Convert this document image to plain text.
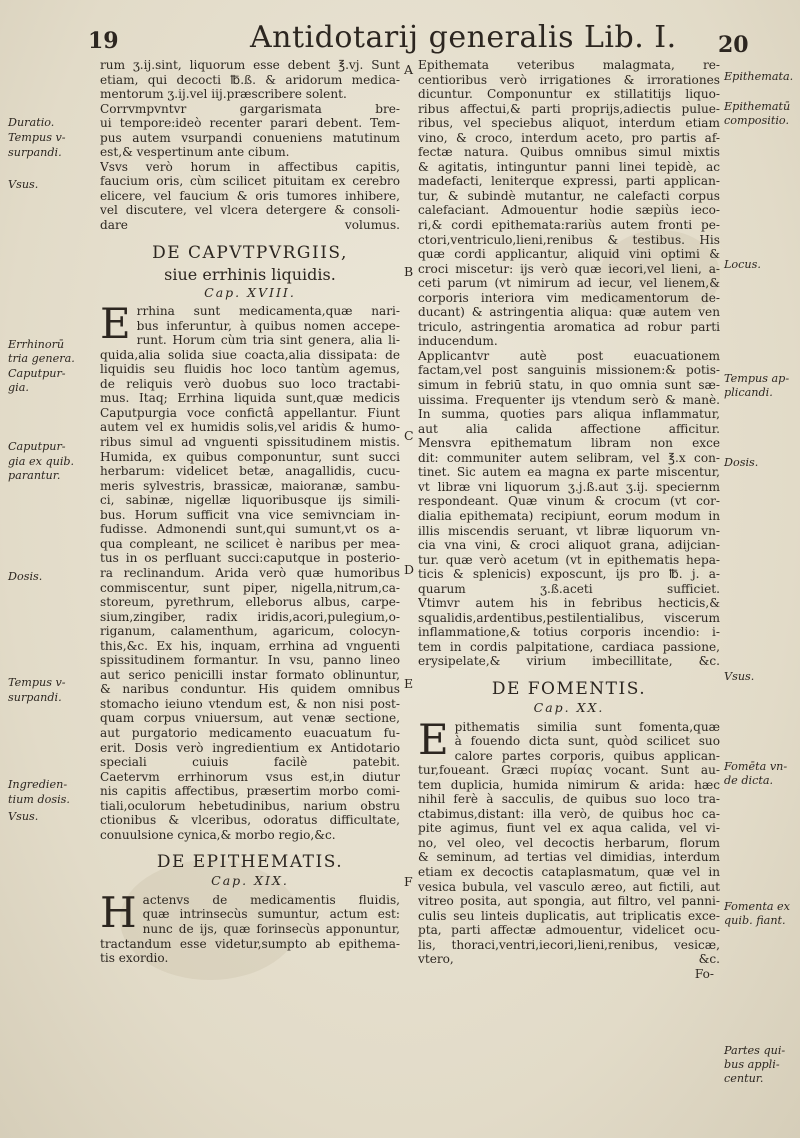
19	Antidotarij generalis Lib. I. 20
A
B
C
D
E
F
Duratio.
Tempus v-
surpandi.
Vsus.
Errhinorū
tria genera.
Caputpur-
gia.
Caputpur-
gia ex quib.
parantur.
Dosis.
Tempus v-
surpandi.
Ingredien-
tium dosis.
Vsus.
Epithemata.
Epithematū
compositio.
Locus.
Tempus ap-
plicandi.
Dosis.
Vsus.
Fomēta vn-
de dicta.
Fomenta ex
quib. fiant.
Partes qui-
bus appli-
centur.

rum ʒ.ij.sint, liquorum esse debent ℥.vj. Sunt
etiam, qui decocti ℔.ß. & aridorum medica-
mentorum ʒ.ij.vel iij.præscribere solent.

Corrvmpvntvr gargarismata bre-
ui tempore:ideò recenter parari debent. Tem-
pus autem vsurpandi conueniens matutinum
est,& vespertinum ante cibum.

Vsvs verò horum in affectibus capitis,
faucium oris, cùm scilicet pituitam ex cerebro
elicere, vel faucium & oris tumores inhibere,
vel discutere, vel vlcera detergere & consoli-
dare volumus.

DE CAPVTPVRGIIS,
siue errhinis liquidis.
Cap. XVIII.

E rrhina sunt medicamenta,quæ nari-
bus inferuntur, à quibus nomen accepe-
runt. Horum cùm tria sint genera, alia li-
quida,alia solida siue coacta,alia dissipata: de
liquidis seu fluidis hoc loco tantùm agemus,
de reliquis verò duobus suo loco tractabi-
mus. Itaq; Errhina liquida sunt,quæ medicis
Caputpurgia voce confictâ appellantur. Fiunt
autem vel ex humidis solis,vel aridis & humo-
ribus simul ad vnguenti spissitudinem mistis.
Humida, ex quibus componuntur, sunt succi
herbarum: videlicet betæ, anagallidis, cucu-
meris sylvestris, brassicæ, maioranæ, sambu-
ci, sabinæ, nigellæ liquoribusque ijs simili-
bus. Horum sufficit vna vice semivnciam in-
fudisse. Admonendi sunt,qui sumunt,vt os a-
qua compleant, ne scilicet è naribus per mea-
tus in os perfluant succi:caputque in posterio-
ra reclinandum. Arida verò quæ humoribus
commiscentur, sunt piper, nigella,nitrum,ca-
storeum, pyrethrum, elleborus albus, carpe-
sium,zingiber, radix iridis,acori,pulegium,o-
riganum, calamenthum, agaricum, colocyn-
this,&c. Ex his, inquam, errhina ad vnguenti
spissitudinem formantur. In vsu, panno lineo
aut serico penicilli instar formato oblinuntur,
& naribus conduntur. His quidem omnibus
stomacho ieiuno vtendum est, & non nisi post-
quam corpus vniuersum, aut venæ sectione,
aut purgatorio medicamento euacuatum fu-
erit. Dosis verò ingredientium ex Antidotario
speciali cuiuis facilè patebit.

Caetervm errhinorum vsus est,in diutur
nis capitis affectibus, præsertim morbo comi-
tiali,oculorum hebetudinibus, narium obstru
ctionibus & vlceribus, odoratus difficultate,
conuulsione cynica,& morbo regio,&c.

DE EPITHEMATIS.
Cap. XIX.

H actenvs de medicamentis fluidis,
quæ intrinsecùs sumuntur, actum est:
nunc de ijs, quæ forinsecùs apponuntur,
tractandum esse videtur,sumpto ab epithema-
tis exordio.

Epithemata veteribus malagmata, re-
centioribus verò irrigationes & irrorationes
dicuntur. Componuntur ex stillatitijs liquo-
ribus affectui,& parti proprijs,adiectis pulue-
ribus, vel speciebus aliquot, interdum etiam
vino, & croco, interdum aceto, pro partis af-
fectæ natura. Quibus omnibus simul mixtis
& agitatis, intinguntur panni linei tepidè, ac
madefacti, leniterque expressi, parti applican-
tur, & subindè mutantur, ne calefacti corpus
calefaciant. Admouentur hodie sæpiùs ieco-
ri,& cordi epithemata:rariùs autem fronti pe-
ctori,ventriculo,lieni,renibus & testibus. His
quæ cordi applicantur, aliquid vini optimi &
croci miscetur: ijs verò quæ iecori,vel lieni, a-
ceti parum (vt nimirum ad iecur, vel lienem,&
corporis interiora vim medicamentorum de-
ducant) & astringentia aliqua: quæ autem ven
triculo, astringentia aromatica ad robur parti
inducendum.

Applicantvr autè post euacuationem
factam,vel post sanguinis missionem:& potis-
simum in febriū statu, in quo omnia sunt sæ-
uissima. Frequenter ijs vtendum serò & manè.
In summa, quoties pars aliqua inflammatur,
aut alia calida affectione afficitur.

Mensvra epithematum libram non exce
dit: communiter autem selibram, vel ℥.x con-
tinet. Sic autem ea magna ex parte miscentur,
vt libræ vni liquorum ʒ.j.ß.aut ʒ.ij. speciernm
respondeant. Quæ vinum & crocum (vt cor-
dialia epithemata) recipiunt, eorum modum in
illis miscendis seruant, vt libræ liquorum vn-
cia vna vini, & croci aliquot grana, adijcian-
tur. quæ verò acetum (vt in epithematis hepa-
ticis & splenicis) exposcunt, ijs pro ℔. j. a-
quarum ʒ.ß.aceti sufficiet.

Vtimvr autem his in febribus hecticis,&
squalidis,ardentibus,pestilentialibus, viscerum
inflammatione,& totius corporis incendio: i-
tem in cordis palpitatione, cardiaca passione,
erysipelate,& virium imbecillitate, &c.

DE FOMENTIS.
Cap. XX.

E pithematis similia sunt fomenta,quæ
à fouendo dicta sunt, quòd scilicet suo
calore partes corporis, quibus applican-
tur,foueant. Græci πυρίας vocant. Sunt au-
tem duplicia, humida nimirum & arida: hæc
nihil ferè à sacculis, de quibus suo loco tra-
ctabimus,distant: illa verò, de quibus hoc ca-
pite agimus, fiunt vel ex aqua calida, vel vi-
no, vel oleo, vel decoctis herbarum, florum
& seminum, ad tertias vel dimidias, interdum
etiam ex decoctis cataplasmatum, quæ vel in
vesica bubula, vel vasculo æreo, aut fictili, aut
vitreo posita, aut spongia, aut filtro, vel panni-
culis seu linteis duplicatis, aut triplicatis exce-
pta, parti affectæ admouentur, videlicet ocu-
lis, thoraci,ventri,iecori,lieni,renibus, vesicæ,
vtero, &c.

Fo-
